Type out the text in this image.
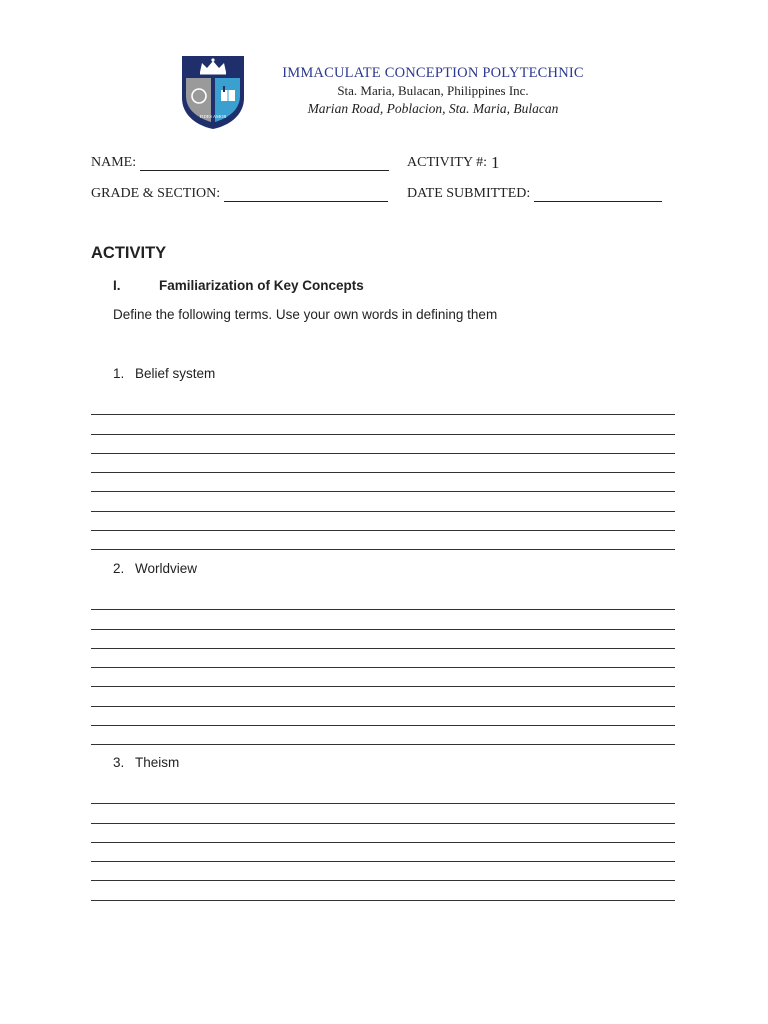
FIDES AMOR
IMMACULATE CONCEPTION POLYTECHNIC
Sta. Maria, Bulacan, Philippines Inc.
Marian Road, Poblacion, Sta. Maria, Bulacan
NAME:	ACTIVITY #: 1
GRADE & SECTION:	DATE SUBMITTED:
ACTIVITY
I.	Familiarization of Key Concepts
Define the following terms. Use your own words in defining them
1. Belief system
2. Worldview
3. Theism
